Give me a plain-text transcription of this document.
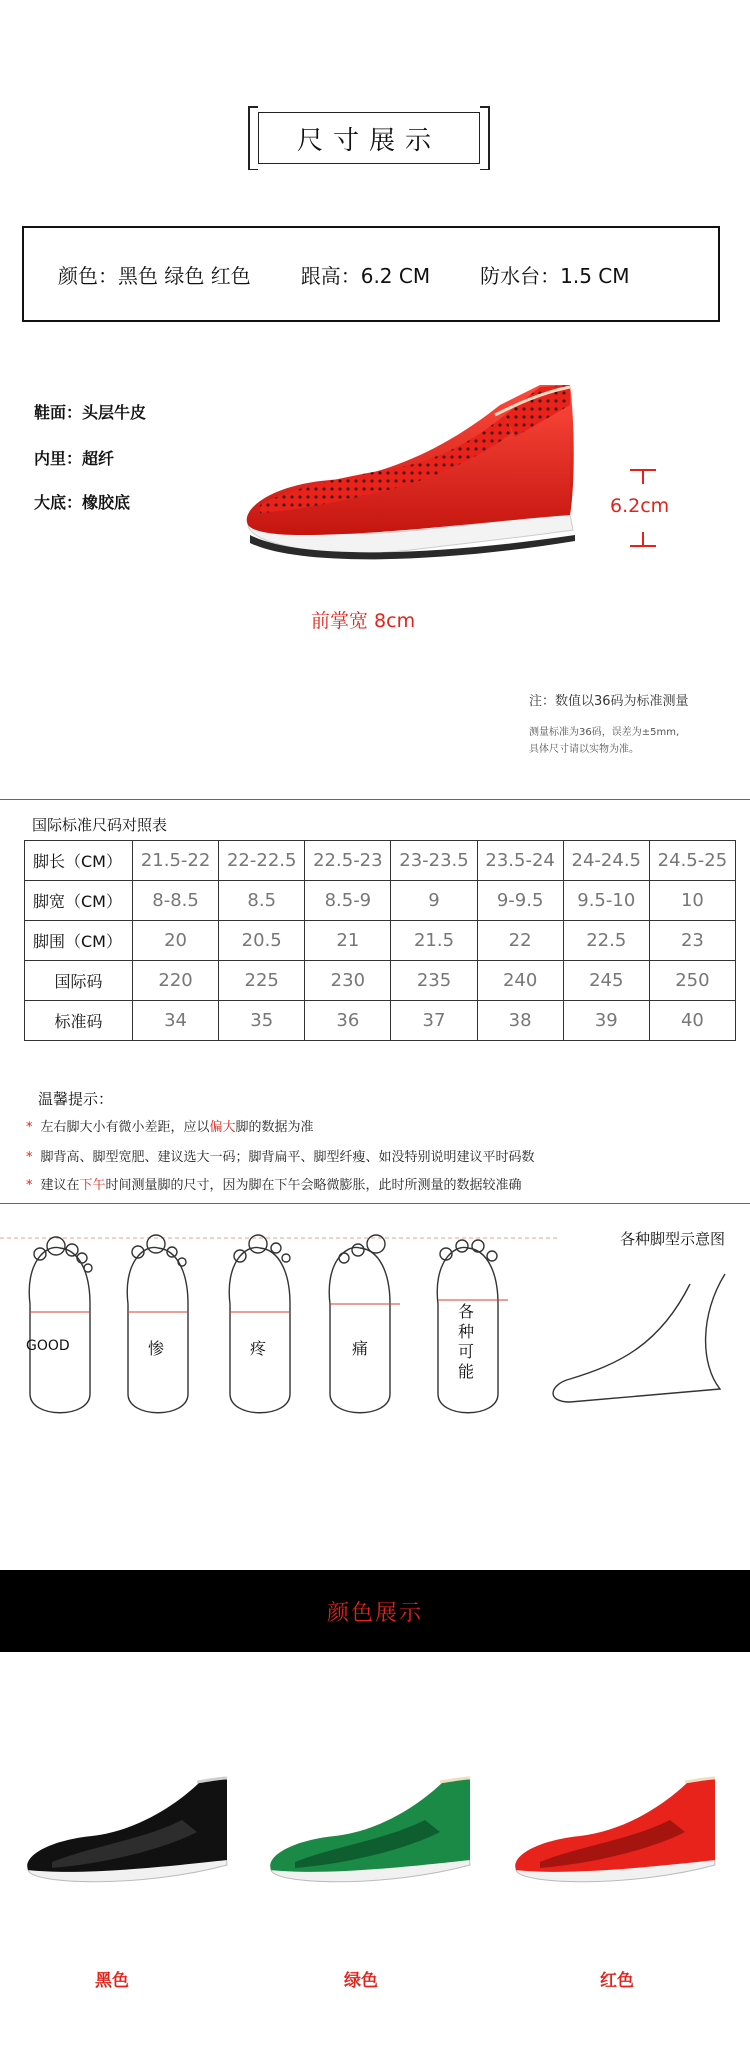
尺寸展示
颜色：黑色 绿色 红色	跟高：6.2 CM	防水台：1.5 CM
鞋面：头层牛皮
内里：超纤
大底：橡胶底	6.2cm
前掌宽 8cm
注：数值以36码为标准测量
测量标准为36码，误差为±5mm,
具体尺寸请以实物为准。
国际标准尺码对照表
脚长（CM）	21.5-22	22-22.5	22.5-23	23-23.5	23.5-24	24-24.5	24.5-25
脚宽（CM）	8-8.5	8.5	8.5-9	9	9-9.5	9.5-10	10
脚围（CM）	20	20.5	21	21.5	22	22.5	23
国际码	220	225	230	235	240	245	250
标准码	34	35	36	37	38	39	40
温馨提示：
* 左右脚大小有微小差距，应以偏大脚的数据为准
* 脚背高、脚型宽肥、建议选大一码；脚背扁平、脚型纤瘦、如没特别说明建议平时码数
* 建议在下午时间测量脚的尺寸，因为脚在下午会略微膨胀，此时所测量的数据较准确
各种脚型示意图
GOOD	惨	疼	痛
各种可能
颜色展示
黑色	绿色	红色
